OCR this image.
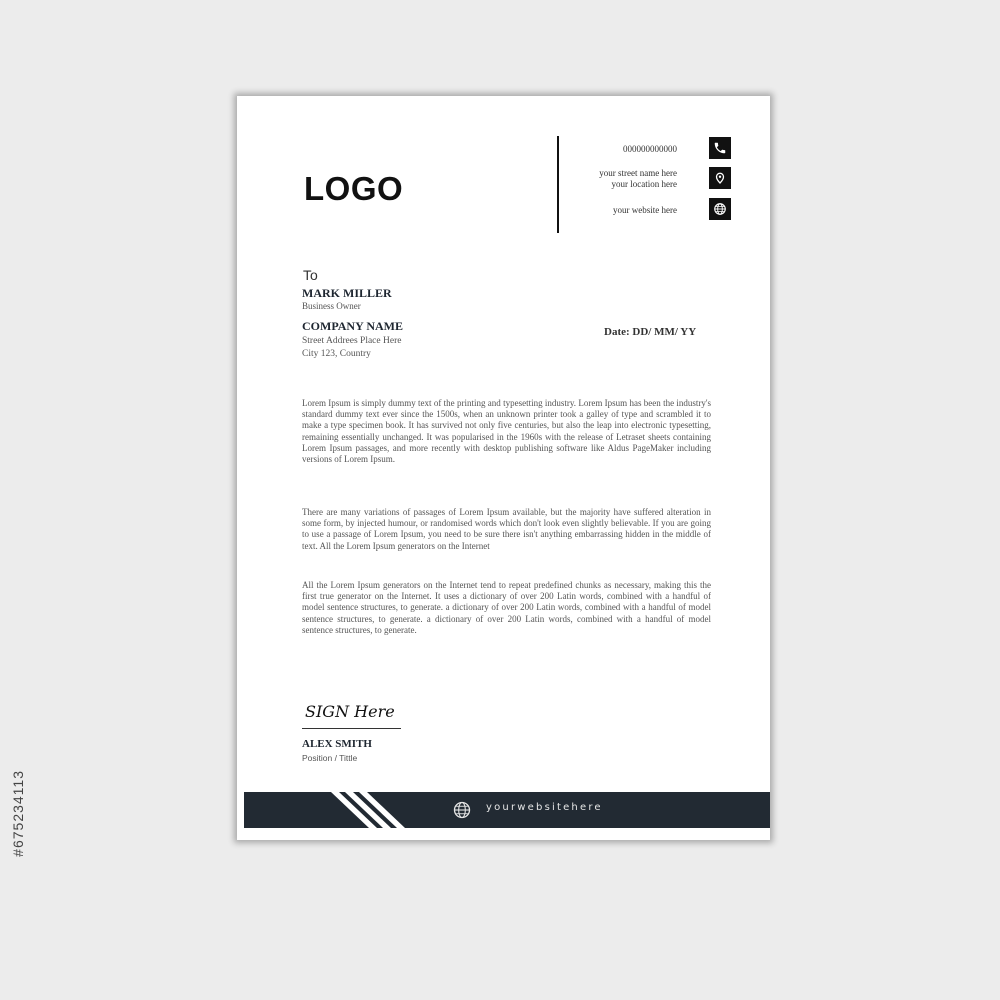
#675234113
LOGO
000000000000
your street name here
your location here
your website here
To
MARK MILLER
Business Owner
COMPANY NAME
Street Addrees Place Here
City 123, Country
Date: DD/ MM/ YY

Lorem Ipsum is simply dummy text of the printing and typesetting industry. Lorem Ipsum has been the industry's standard dummy text ever since the 1500s, when an unknown printer took a galley of type and scrambled it to make a type specimen book. It has survived not only five centuries, but also the leap into electronic typesetting, remaining essentially unchanged. It was popularised in the 1960s with the release of Letraset sheets containing Lorem Ipsum passages, and more recently with desktop publishing software like Aldus PageMaker including versions of Lorem Ipsum.

There are many variations of passages of Lorem Ipsum available, but the majority have suffered alteration in some form, by injected humour, or randomised words which don't look even slightly believable. If you are going to use a passage of Lorem Ipsum, you need to be sure there isn't anything embarrassing hidden in the middle of text. All the Lorem Ipsum generators on the Internet

All the Lorem Ipsum generators on the Internet tend to repeat predefined chunks as necessary, making this the first true generator on the Internet. It uses a dictionary of over 200 Latin words, combined with a handful of model sentence structures, to generate. a dictionary of over 200 Latin words, combined with a handful of model sentence structures, to generate. a dictionary of over 200 Latin words, combined with a handful of model sentence structures, to generate.

SIGN Here
ALEX SMITH
Position / Tittle
yourwebsitehere
